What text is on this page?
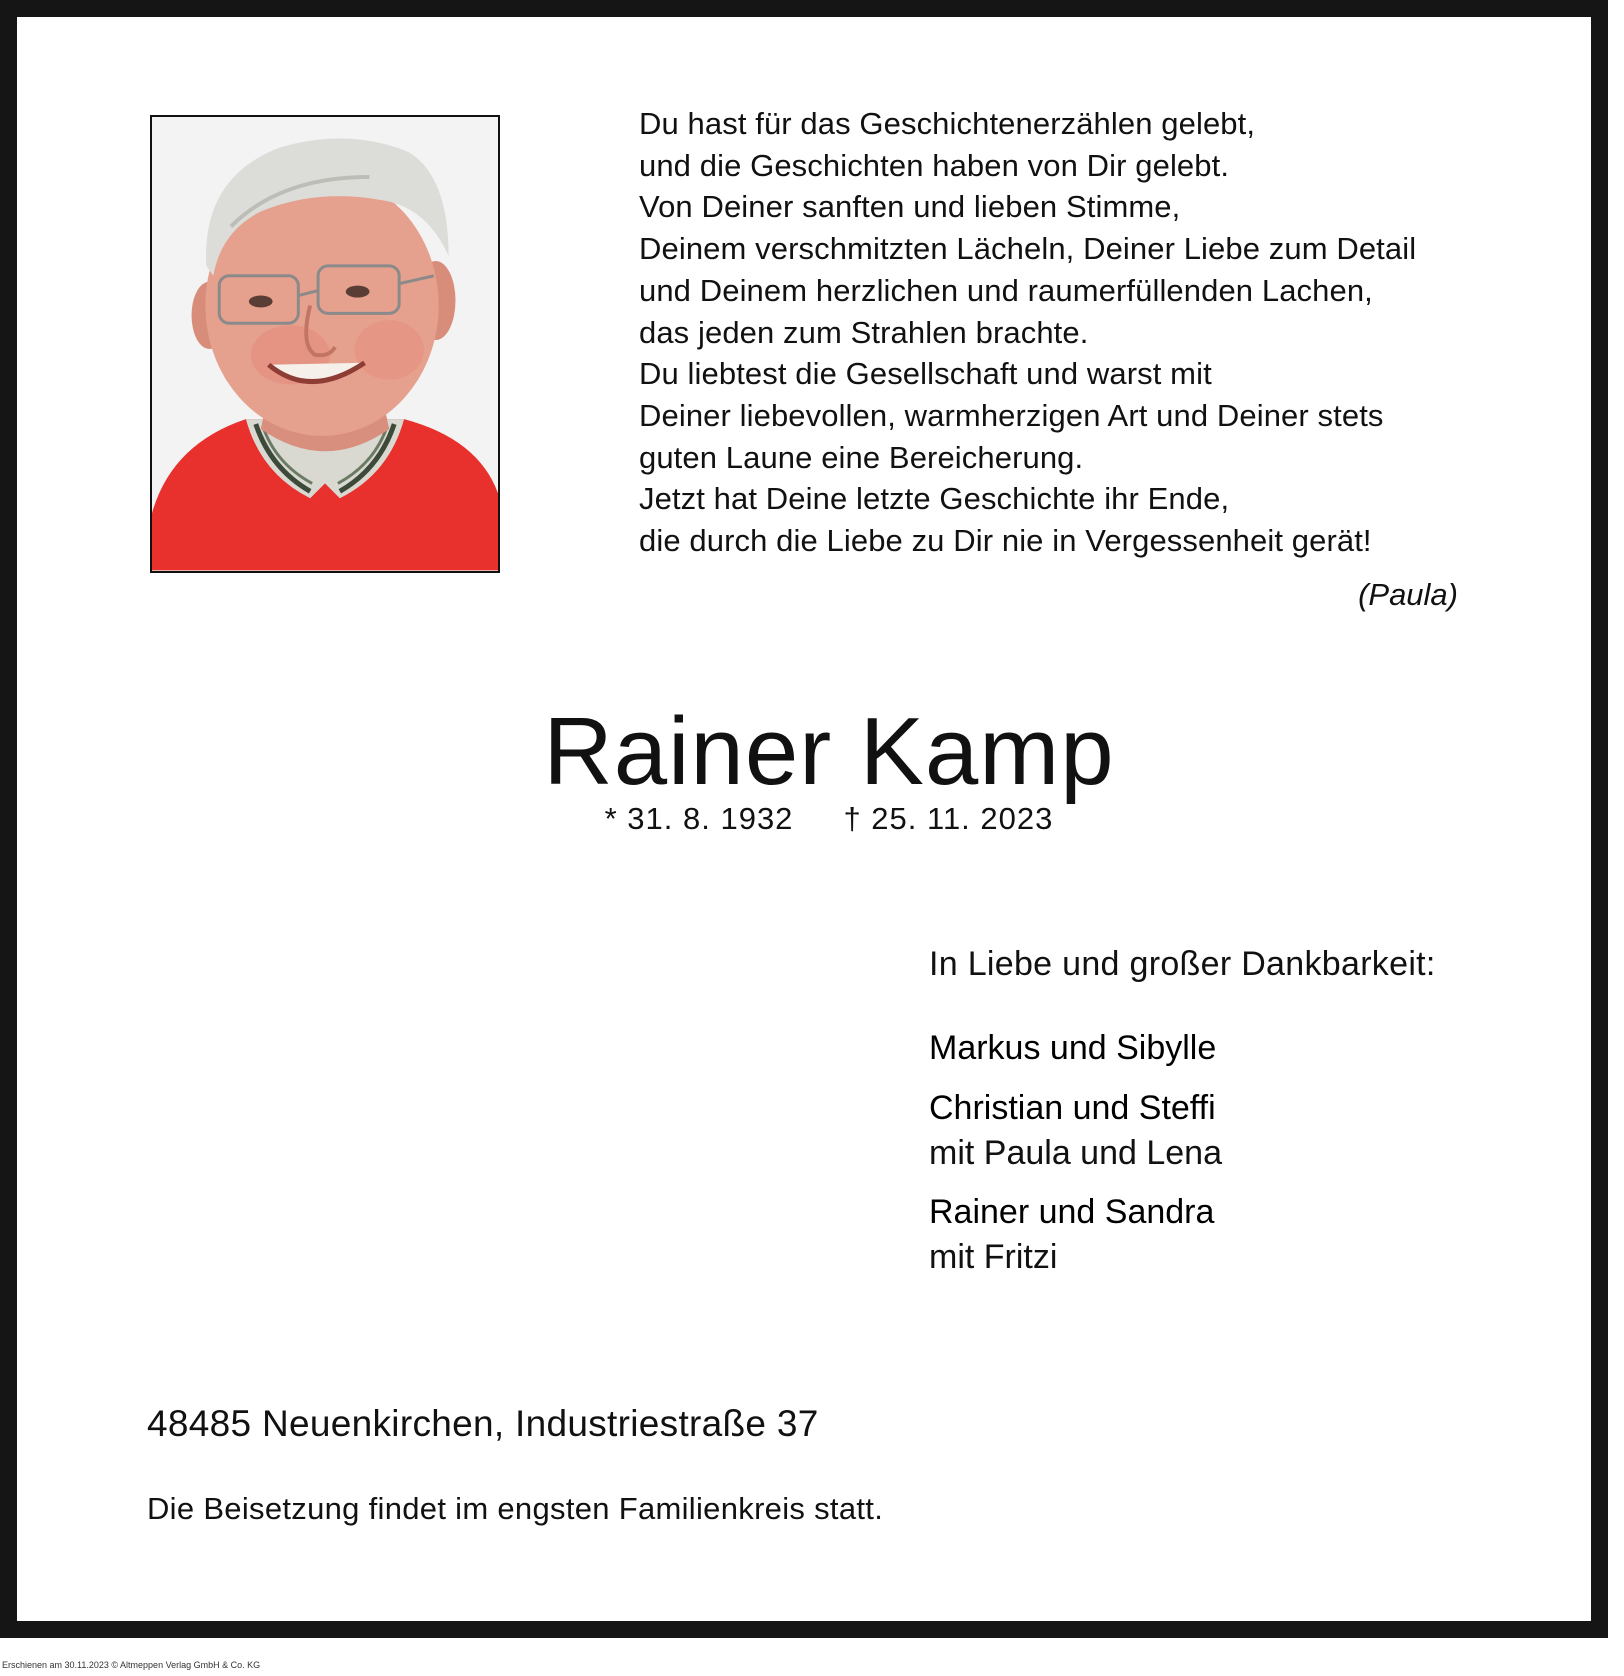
Du hast für das Geschichtenerzählen gelebt,
und die Geschichten haben von Dir gelebt.
Von Deiner sanften und lieben Stimme,
Deinem verschmitzten Lächeln, Deiner Liebe zum Detail
und Deinem herzlichen und raumerfüllenden Lachen,
das jeden zum Strahlen brachte.
Du liebtest die Gesellschaft und warst mit
Deiner liebevollen, warmherzigen Art und Deiner stets
guten Laune eine Bereicherung.
Jetzt hat Deine letzte Geschichte ihr Ende,
die durch die Liebe zu Dir nie in Vergessenheit gerät!
(Paula)
Rainer Kamp
* 31. 8. 1932 † 25. 11. 2023
In Liebe und großer Dankbarkeit:
Markus und Sibylle
Christian und Steffi
mit Paula und Lena
Rainer und Sandra
mit Fritzi
48485 Neuenkirchen, Industriestraße 37
Die Beisetzung findet im engsten Familienkreis statt.
Erschienen am 30.11.2023 © Altmeppen Verlag GmbH & Co. KG
